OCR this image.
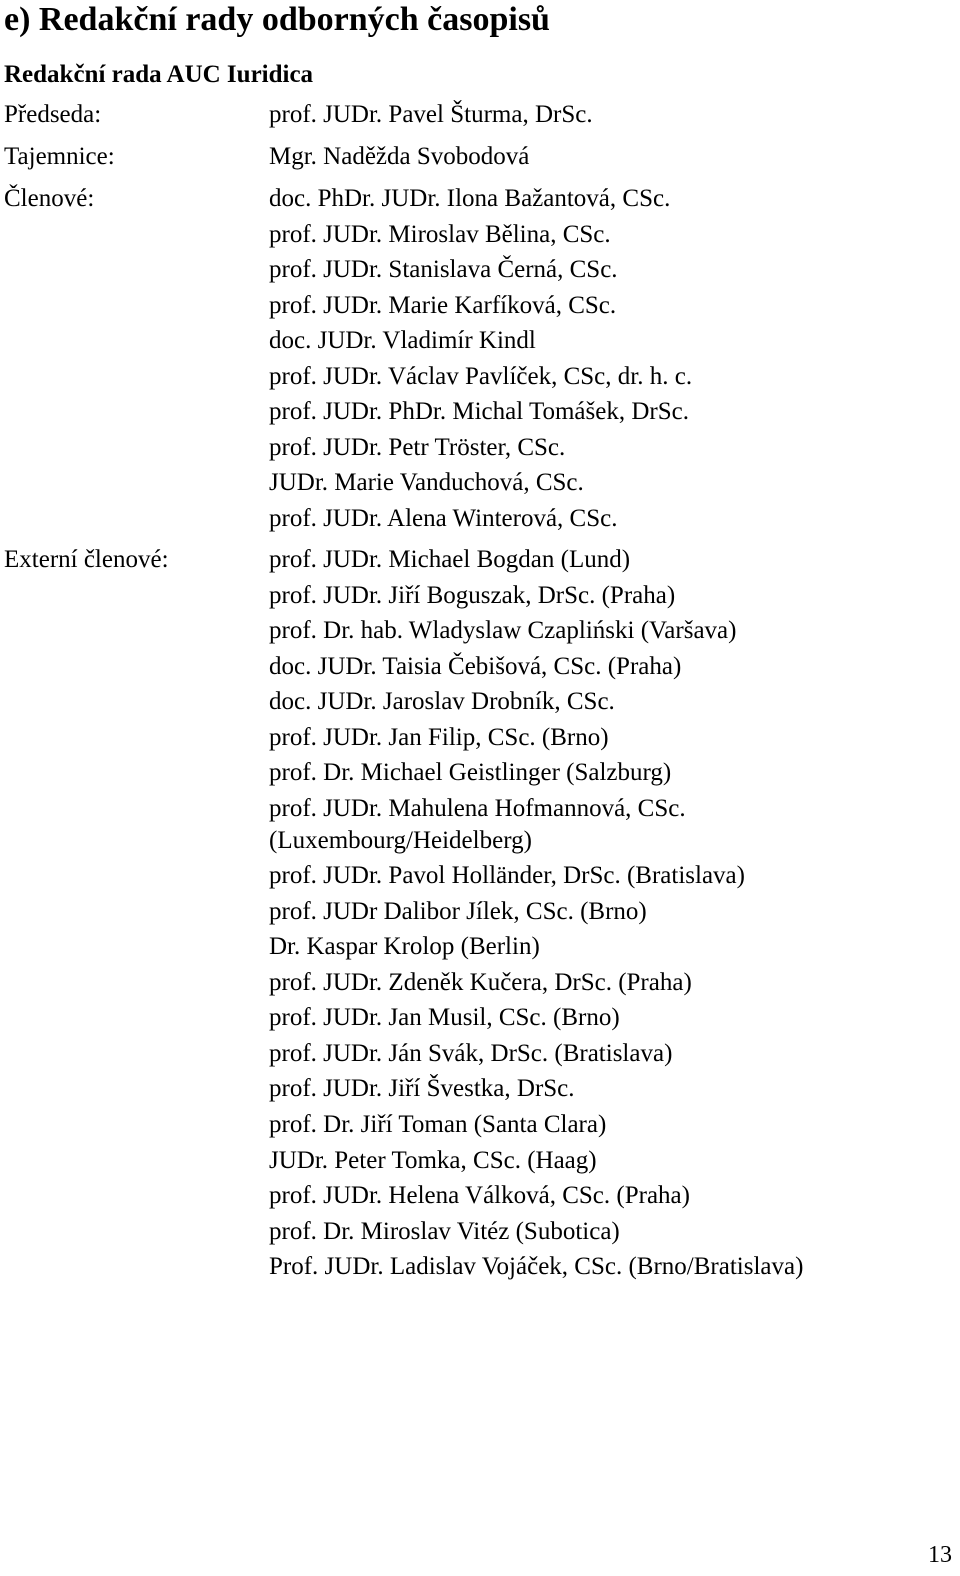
e) Redakční rady odborných časopisů
Redakční rada AUC Iuridica
Předseda:	prof. JUDr. Pavel Šturma, DrSc.
Tajemnice:	Mgr. Naděžda Svobodová
Členové:	doc. PhDr. JUDr. Ilona Bažantová, CSc.
prof. JUDr. Miroslav Bělina, CSc.
prof. JUDr. Stanislava Černá, CSc.
prof. JUDr. Marie Karfíková, CSc.
doc. JUDr. Vladimír Kindl
prof. JUDr. Václav Pavlíček, CSc, dr. h. c.
prof. JUDr. PhDr. Michal Tomášek, DrSc.
prof. JUDr. Petr Tröster, CSc.
JUDr. Marie Vanduchová, CSc.
prof. JUDr. Alena Winterová, CSc.
Externí členové:	prof. JUDr. Michael Bogdan (Lund)
prof. JUDr. Jiří Boguszak, DrSc. (Praha)
prof. Dr. hab. Wladyslaw Czapliński (Varšava)
doc. JUDr. Taisia Čebišová, CSc. (Praha)
doc. JUDr. Jaroslav Drobník, CSc.
prof. JUDr. Jan Filip, CSc. (Brno)
prof. Dr. Michael Geistlinger (Salzburg)
prof. JUDr. Mahulena Hofmannová, CSc.
(Luxembourg/Heidelberg)
prof. JUDr. Pavol Holländer, DrSc. (Bratislava)
prof. JUDr Dalibor Jílek, CSc. (Brno)
Dr. Kaspar Krolop (Berlin)
prof. JUDr. Zdeněk Kučera, DrSc. (Praha)
prof. JUDr. Jan Musil, CSc. (Brno)
prof. JUDr. Ján Svák, DrSc. (Bratislava)
prof. JUDr. Jiří Švestka, DrSc.
prof. Dr. Jiří Toman (Santa Clara)
JUDr. Peter Tomka, CSc. (Haag)
prof. JUDr. Helena Válková, CSc. (Praha)
prof. Dr. Miroslav Vitéz (Subotica)
Prof. JUDr. Ladislav Vojáček, CSc. (Brno/Bratislava)
13
